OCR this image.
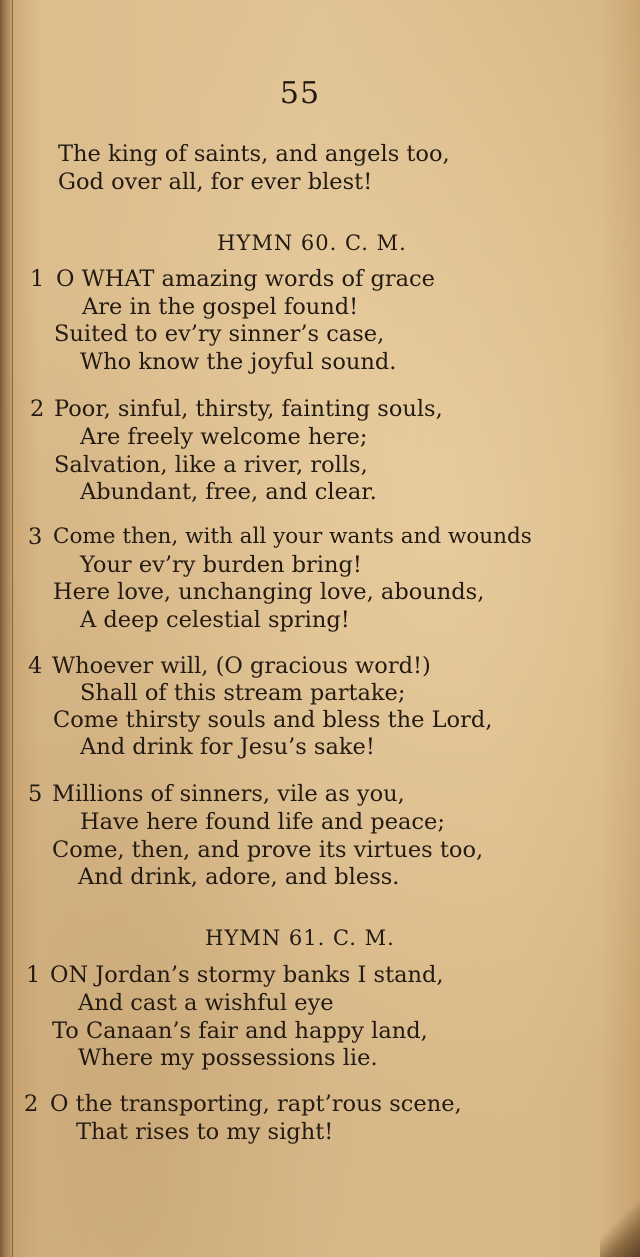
55
The king of saints, and angels too,
God over all, for ever blest!
HYMN 60. C. M.
1 O WHAT amazing words of grace
Are in the gospel found!
Suited to ev’ry sinner’s case,
Who know the joyful sound.
2 Poor, sinful, thirsty, fainting souls,
Are freely welcome here;
Salvation, like a river, rolls,
Abundant, free, and clear.
3 Come then, with all your wants and wounds
Your ev’ry burden bring!
Here love, unchanging love, abounds,
A deep celestial spring!
4 Whoever will, (O gracious word!)
Shall of this stream partake;
Come thirsty souls and bless the Lord,
And drink for Jesu’s sake!
5 Millions of sinners, vile as you,
Have here found life and peace;
Come, then, and prove its virtues too,
And drink, adore, and bless.
HYMN 61. C. M.
1 ON Jordan’s stormy banks I stand,
And cast a wishful eye
To Canaan’s fair and happy land,
Where my possessions lie.
2 O the transporting, rapt’rous scene,
That rises to my sight!
